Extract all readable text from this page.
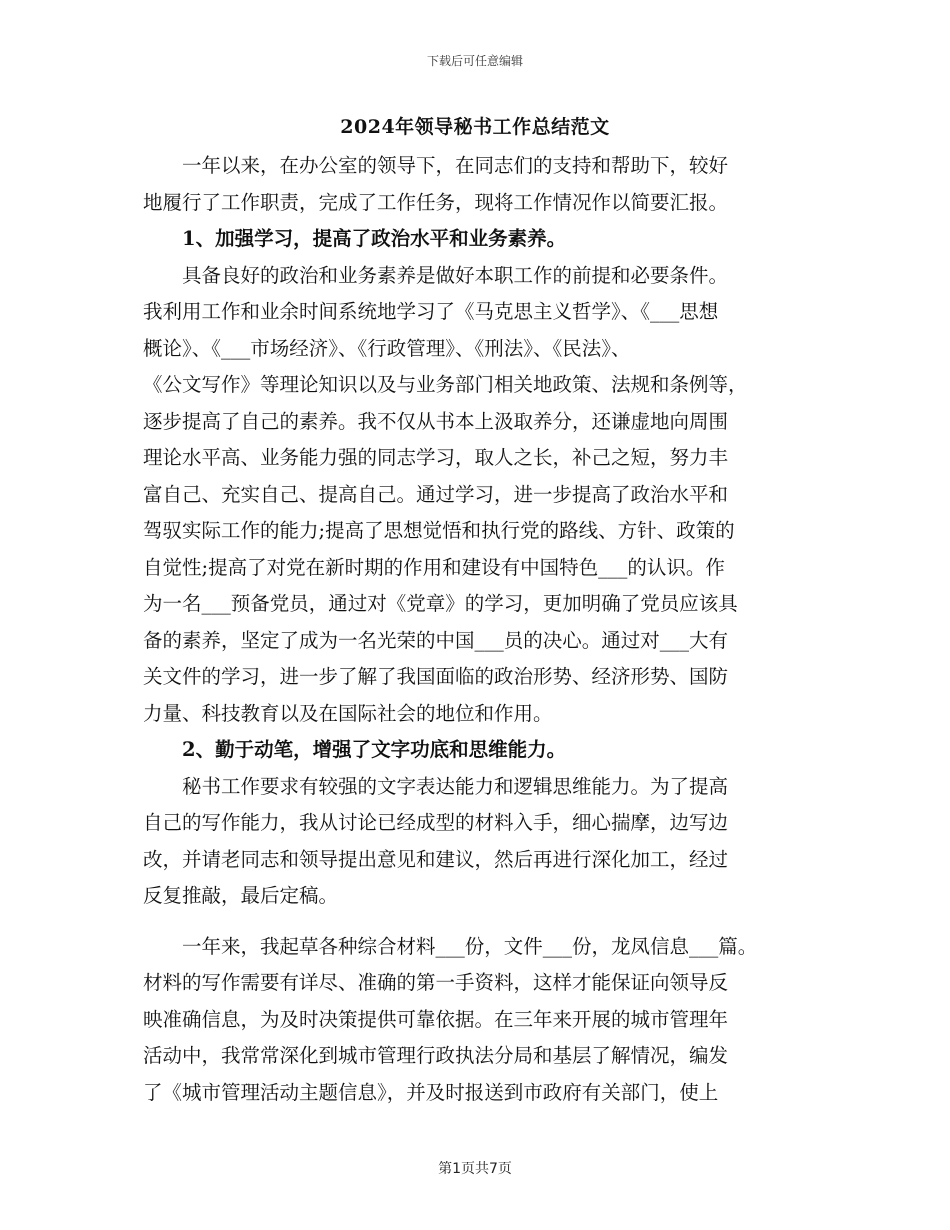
下载后可任意编辑
2024年领导秘书工作总结范文
　　一年以来，在办公室的领导下，在同志们的支持和帮助下，较好
地履行了工作职责，完成了工作任务，现将工作情况作以简要汇报。
　　1、加强学习，提高了政治水平和业务素养。
　　具备良好的政治和业务素养是做好本职工作的前提和必要条件。
我利用工作和业余时间系统地学习了《马克思主义哲学》、《___思想
概论》、《___市场经济》、《行政管理》、《刑法》、《民法》、
《公文写作》等理论知识以及与业务部门相关地政策、法规和条例等，
逐步提高了自己的素养。我不仅从书本上汲取养分，还谦虚地向周围
理论水平高、业务能力强的同志学习，取人之长，补己之短，努力丰
富自己、充实自己、提高自己。通过学习，进一步提高了政治水平和
驾驭实际工作的能力;提高了思想觉悟和执行党的路线、方针、政策的
自觉性;提高了对党在新时期的作用和建设有中国特色___的认识。作
为一名___预备党员，通过对《党章》的学习，更加明确了党员应该具
备的素养，坚定了成为一名光荣的中国___员的决心。通过对___大有
关文件的学习，进一步了解了我国面临的政治形势、经济形势、国防
力量、科技教育以及在国际社会的地位和作用。
　　2、勤于动笔，增强了文字功底和思维能力。
　　秘书工作要求有较强的文字表达能力和逻辑思维能力。为了提高
自己的写作能力，我从讨论已经成型的材料入手，细心揣摩，边写边
改，并请老同志和领导提出意见和建议，然后再进行深化加工，经过
反复推敲，最后定稿。
　　一年来，我起草各种综合材料___份，文件___份，龙凤信息___篇。
材料的写作需要有详尽、准确的第一手资料，这样才能保证向领导反
映准确信息，为及时决策提供可靠依据。在三年来开展的城市管理年
活动中，我常常深化到城市管理行政执法分局和基层了解情况，编发
了《城市管理活动主题信息》，并及时报送到市政府有关部门，使上
第1页共7页
